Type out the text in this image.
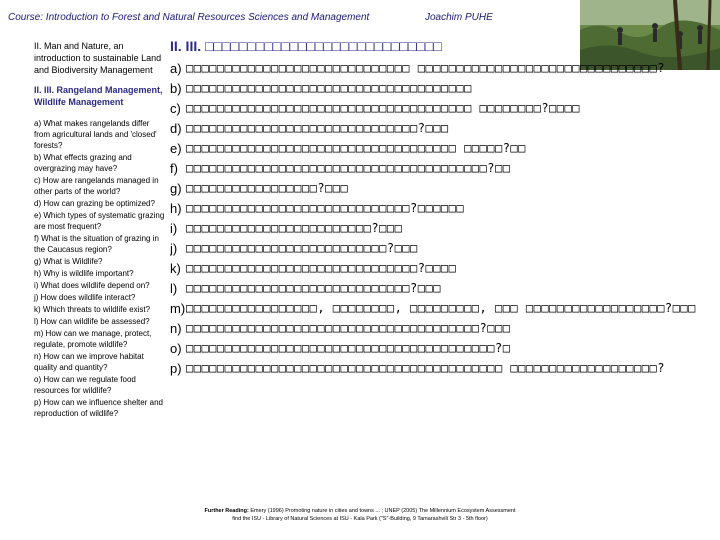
Course: Introduction to Forest and Natural Resources Sciences and Management	Joachim PUHE
II. Man and Nature, an introduction to sustainable Land and Biodiversity Management
II. III. Rangeland Management, Wildlife Management
a) What makes rangelands differ from agricultural lands and 'closed' forests?
b) What effects grazing and overgrazing may have?
c) How are rangelands managed in other parts of the world?
d) How can grazing be optimized?
e) Which types of systematic grazing are most frequent?
f) What is the situation of grazing in the Caucasus region?
g) What is Wildlife?
h) Why is wildlife important?
i) What does wildlife depend on?
j) How does wildlife interact?
k) Which threats to wildlife exist?
l) How can wildlife be assessed?
m) How can we manage, protect, regulate, promote wildlife?
n) How can we improve habitat quality and quantity?
o) How can we regulate food resources for wildlife?
p) How can we influence shelter and reproduction of wildlife?
II. III. □□□□□□□□□□□□□□□□□□□□□□□□□□□□
a) □□□□□□□□□□□□□□□□□□□□□□□□□□□□□ □□□□□□□□□□□□□□□□□□□□□□□□□□□□□□□?
b) □□□□□□□□□□□□□□□□□□□□□□□□□□□□□□□□□□□□□
c) □□□□□□□□□□□□□□□□□□□□□□□□□□□□□□□□□□□□□ □□□□□□□□?□□□□
d) □□□□□□□□□□□□□□□□□□□□□□□□□□□□□□?□□□
e) □□□□□□□□□□□□□□□□□□□□□□□□□□□□□□□□□□□ □□□□□?□□
f) □□□□□□□□□□□□□□□□□□□□□□□□□□□□□□□□□□□□□□□?□□
g) □□□□□□□□□□□□□□□□□?□□□
h) □□□□□□□□□□□□□□□□□□□□□□□□□□□□□?□□□□□□
i) □□□□□□□□□□□□□□□□□□□□□□□□?□□□
j) □□□□□□□□□□□□□□□□□□□□□□□□□□?□□□
k) □□□□□□□□□□□□□□□□□□□□□□□□□□□□□□?□□□□
l) □□□□□□□□□□□□□□□□□□□□□□□□□□□□□?□□□
m) □□□□□□□□□□□□□□□□□, □□□□□□□□, □□□□□□□□□, □□□ □□□□□□□□□□□□□□□□□□?□□□
n) □□□□□□□□□□□□□□□□□□□□□□□□□□□□□□□□□□□□□□?□□□
o) □□□□□□□□□□□□□□□□□□□□□□□□□□□□□□□□□□□□□□□□?□
p) □□□□□□□□□□□□□□□□□□□□□□□□□□□□□□□□□□□□□□□□□ □□□□□□□□□□□□□□□□□□□?
Further Reading: Emery (1996) Promoting nature in cities and towns ... ; UNEP (2005) The Millennium Ecosystem Assessment
find the ISU - Library of Natural Sciences at ISU - Kala Park ("S"-Building, 9 Tamarashvili Str 3 - 5th floor)
